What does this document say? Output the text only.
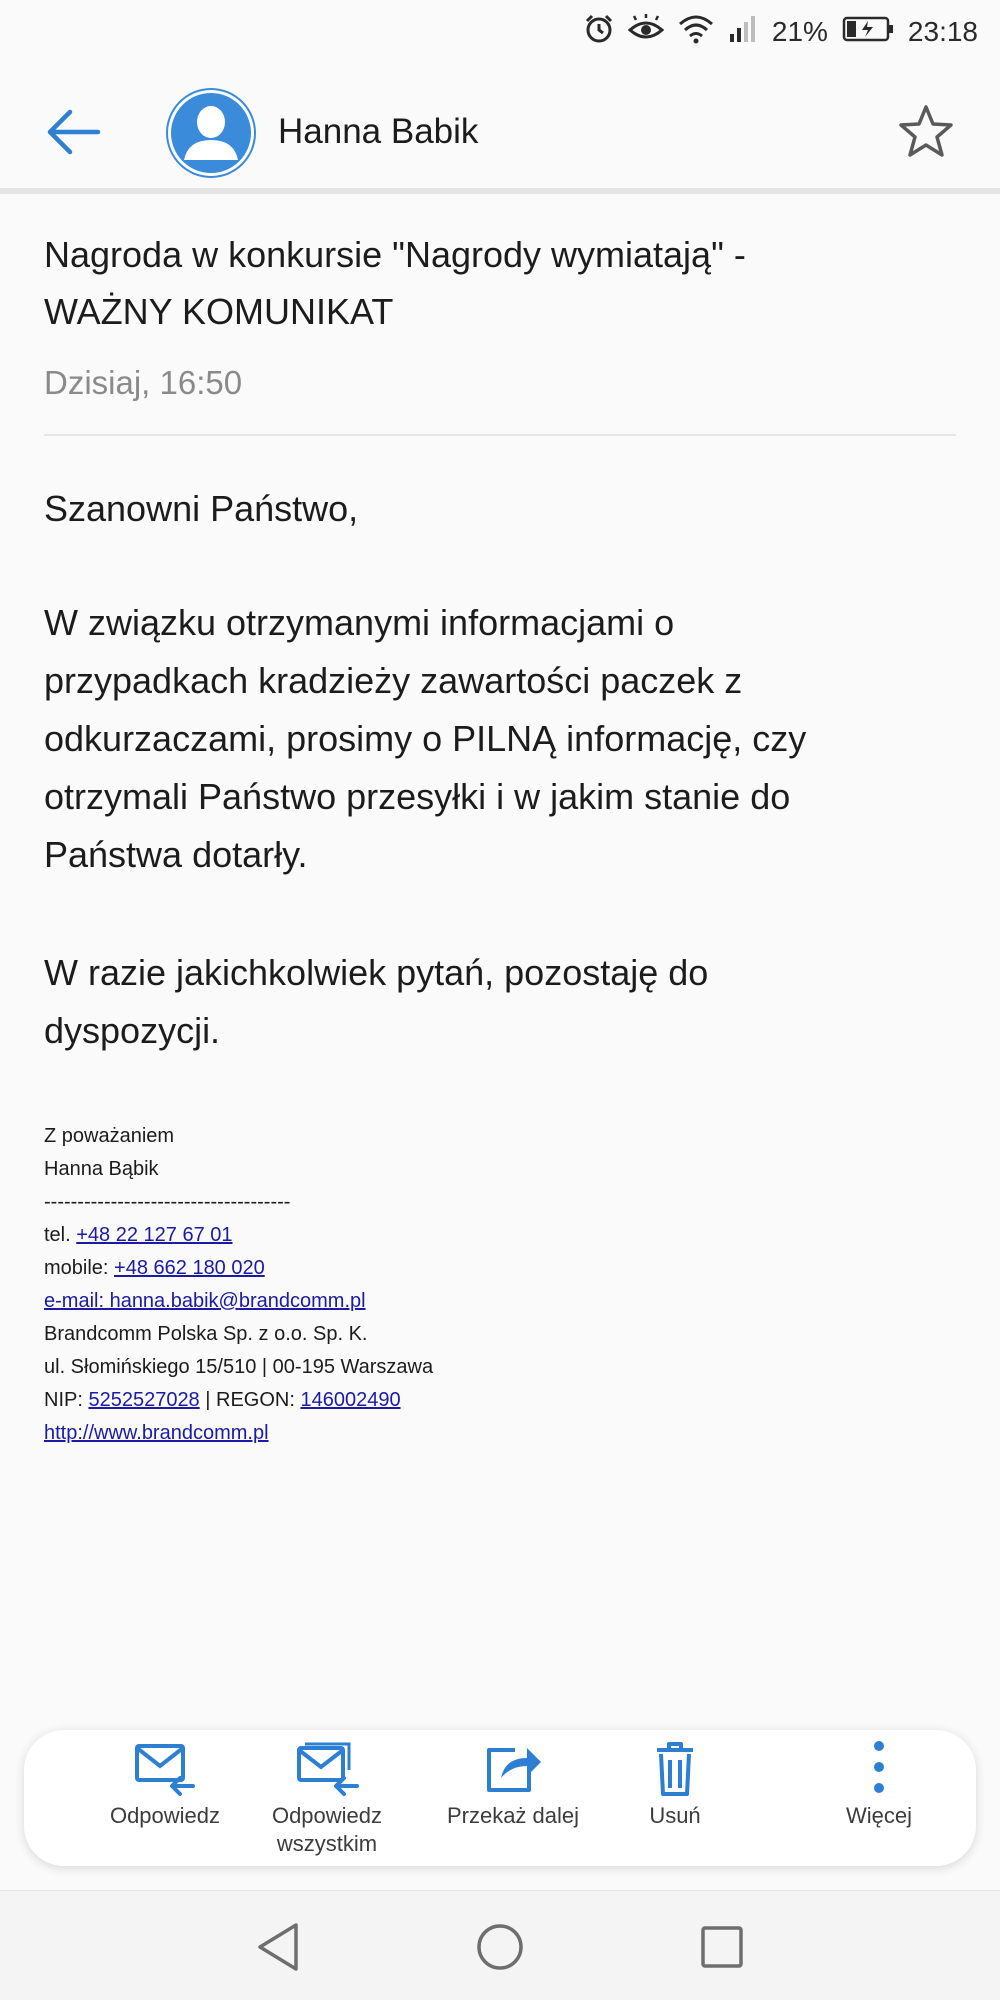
21%	23:18
Hanna Babik
Nagroda w konkursie "Nagrody wymiatają" -
WAŻNY KOMUNIKAT
Dzisiaj, 16:50
Szanowni Państwo,
W związku otrzymanymi informacjami o
przypadkach kradzieży zawartości paczek z
odkurzaczami, prosimy o PILNĄ informację, czy
otrzymali Państwo przesyłki i w jakim stanie do
Państwa dotarły.
W razie jakichkolwiek pytań, pozostaję do
dyspozycji.
Z poważaniem
Hanna Bąbik
-------------------------------------
tel. +48 22 127 67 01
mobile: +48 662 180 020
e-mail: hanna.babik@brandcomm.pl
Brandcomm Polska Sp. z o.o. Sp. K.
ul. Słomińskiego 15/510 | 00-195 Warszawa
NIP: 5252527028 | REGON: 146002490
http://www.brandcomm.pl
Odpowiedz	Odpowiedz
wszystkim
Przekaż dalej	Usuń	Więcej
